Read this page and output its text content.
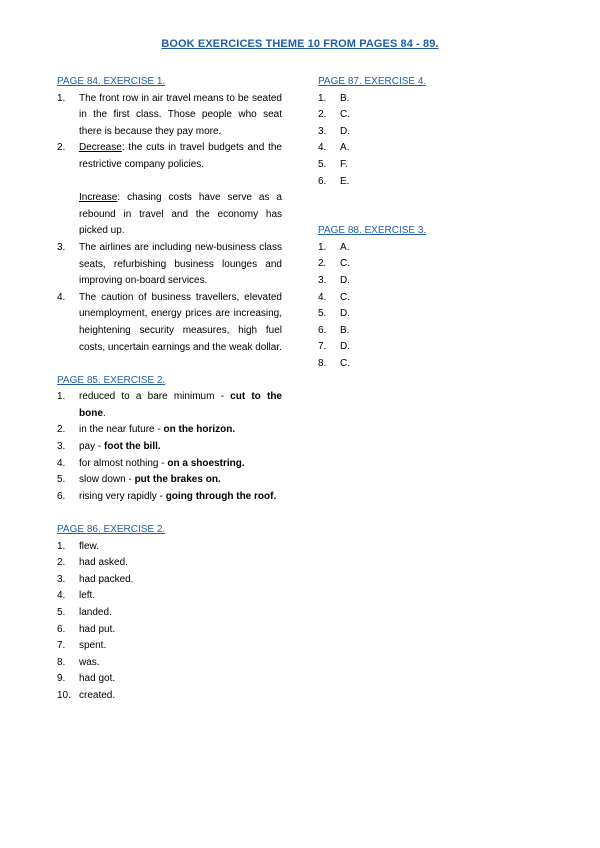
BOOK EXERCICES THEME 10 FROM PAGES 84 - 89.
PAGE 84. EXERCISE 1.
1. The front row in air travel means to be seated in the first class. Those people who seat there is because they pay more.
2. Decrease: the cuts in travel budgets and the restrictive company policies.
Increase: chasing costs have serve as a rebound in travel and the economy has picked up.
3. The airlines are including new-business class seats, refurbishing business lounges and improving on-board services.
4. The caution of business travellers, elevated unemployment, energy prices are increasing, heightening security measures, high fuel costs, uncertain earnings and the weak dollar.
PAGE 85. EXERCISE 2.
1. reduced to a bare minimum - cut to the bone.
2. in the near future - on the horizon.
3. pay - foot the bill.
4. for almost nothing - on a shoestring.
5. slow down - put the brakes on.
6. rising very rapidly - going through the roof.
PAGE 86. EXERCISE 2.
1. flew.
2. had asked.
3. had packed.
4. left.
5. landed.
6. had put.
7. spent.
8. was.
9. had got.
10. created.
PAGE 87. EXERCISE 4.
1. B.
2. C.
3. D.
4. A.
5. F.
6. E.
PAGE 88. EXERCISE 3.
1. A.
2. C.
3. D.
4. C.
5. D.
6. B.
7. D.
8. C.
